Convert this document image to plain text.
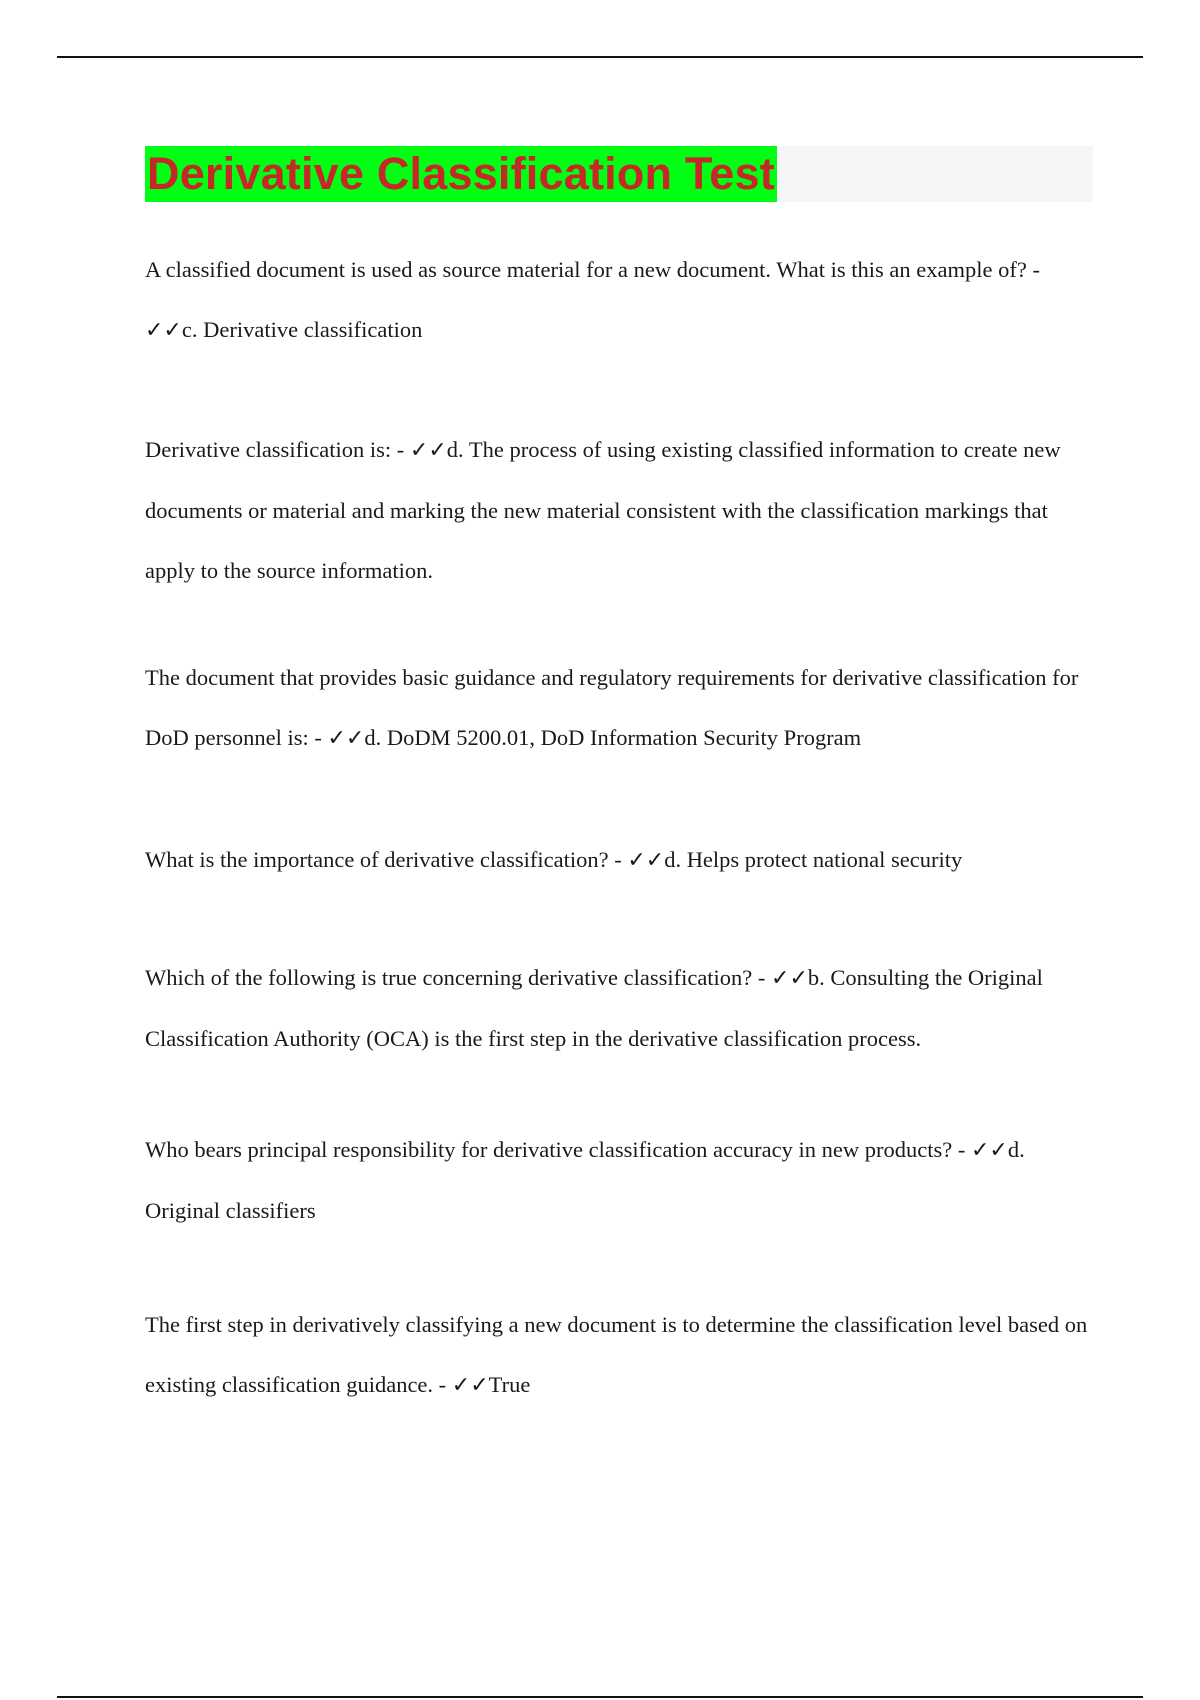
Derivative Classification Test

A classified document is used as source material for a new document. What is this an example of? - ✓✓c. Derivative classification

Derivative classification is: - ✓✓d. The process of using existing classified information to create new documents or material and marking the new material consistent with the classification markings that apply to the source information.

The document that provides basic guidance and regulatory requirements for derivative classification for DoD personnel is: - ✓✓d. DoDM 5200.01, DoD Information Security Program

What is the importance of derivative classification? - ✓✓d. Helps protect national security

Which of the following is true concerning derivative classification? - ✓✓b. Consulting the Original Classification Authority (OCA) is the first step in the derivative classification process.

Who bears principal responsibility for derivative classification accuracy in new products? - ✓✓d. Original classifiers

The first step in derivatively classifying a new document is to determine the classification level based on existing classification guidance. - ✓✓True
